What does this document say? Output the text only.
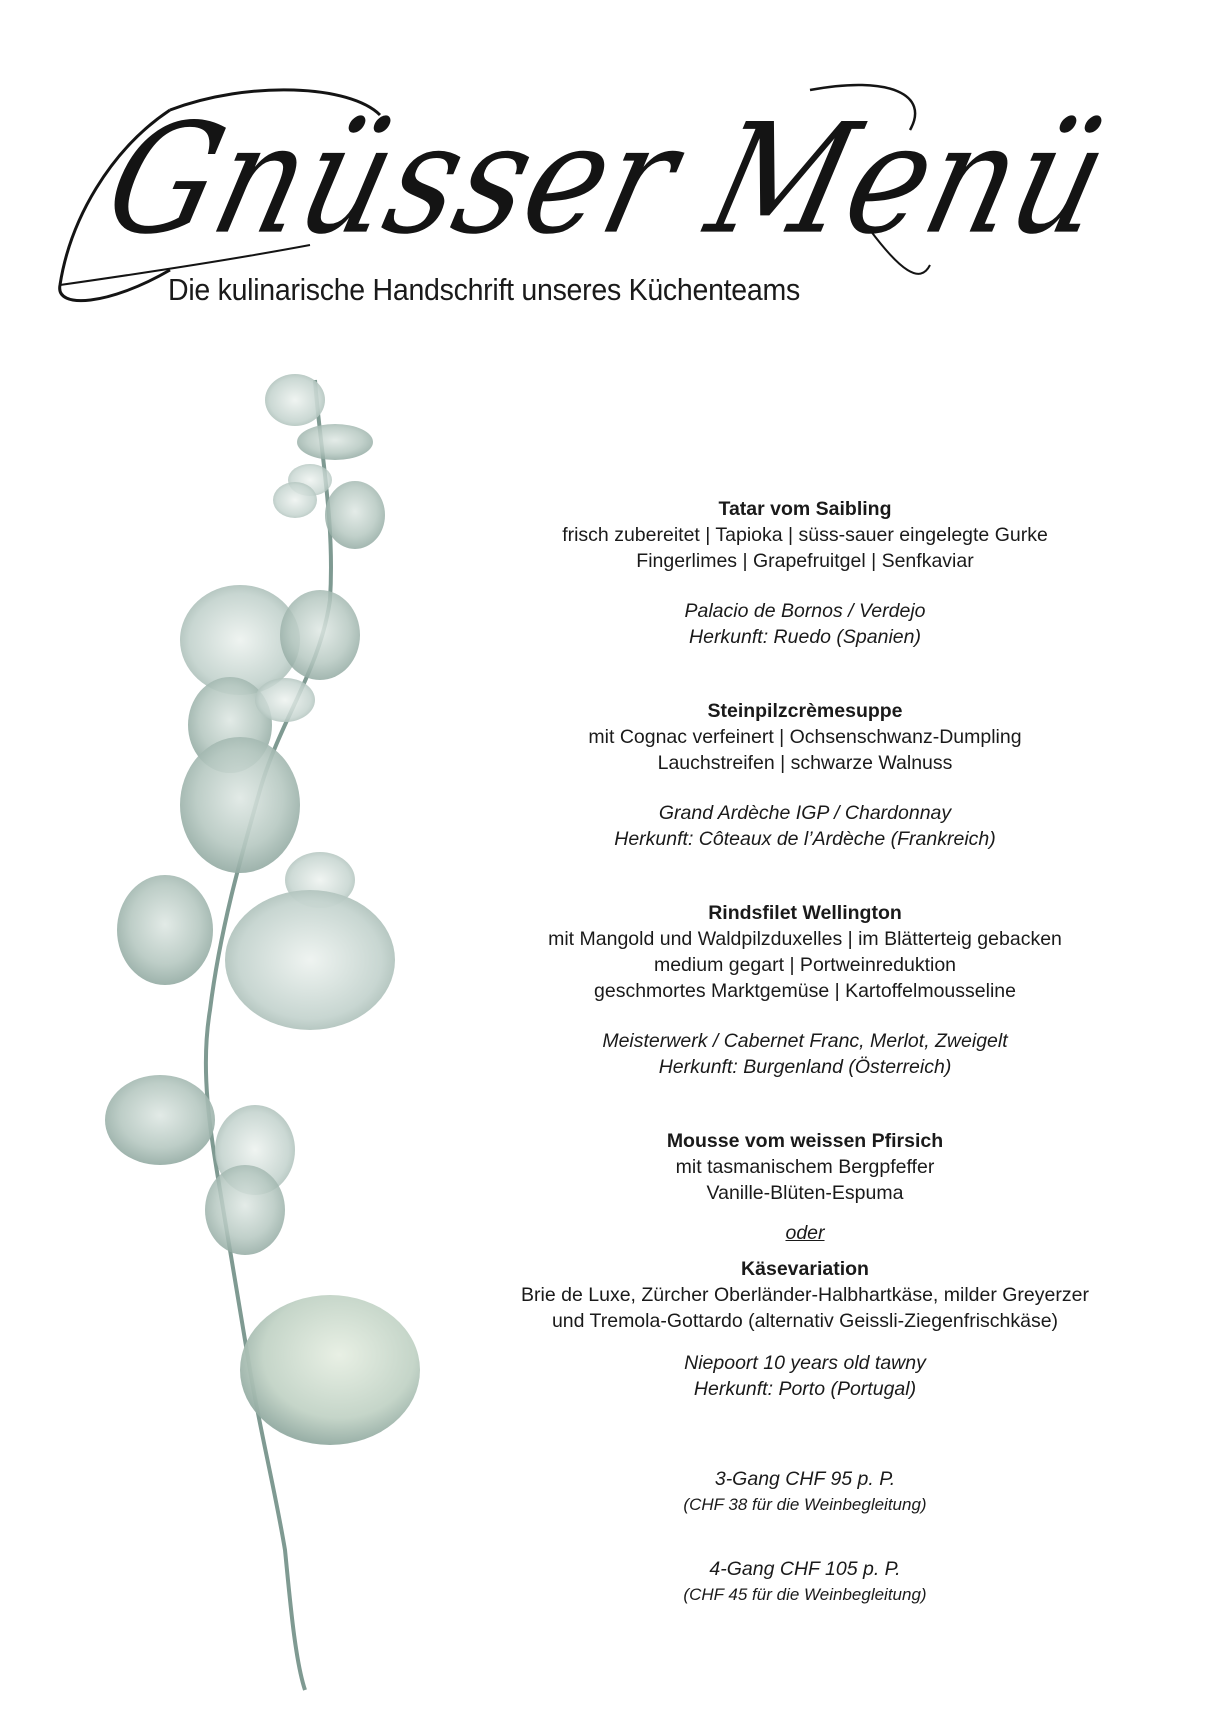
Gnüsser Menü
Die kulinarische Handschrift unseres Küchenteams
Tatar vom Saibling
frisch zubereitet | Tapioka | süss-sauer eingelegte Gurke
Fingerlimes | Grapefruitgel | Senfkaviar
Palacio de Bornos / Verdejo
Herkunft: Ruedo (Spanien)
Steinpilzcrèmesuppe
mit Cognac verfeinert | Ochsenschwanz-Dumpling
Lauchstreifen | schwarze Walnuss
Grand Ardèche IGP / Chardonnay
Herkunft: Côteaux de l’Ardèche (Frankreich)
Rindsfilet Wellington
mit Mangold und Waldpilzduxelles | im Blätterteig gebacken
medium gegart | Portweinreduktion
geschmortes Marktgemüse | Kartoffelmousseline
Meisterwerk / Cabernet Franc, Merlot, Zweigelt
Herkunft: Burgenland (Österreich)
Mousse vom weissen Pfirsich
mit tasmanischem Bergpfeffer
Vanille-Blüten-Espuma
oder
Käsevariation
Brie de Luxe, Zürcher Oberländer-Halbhartkäse, milder Greyerzer
und Tremola-Gottardo (alternativ Geissli-Ziegenfrischkäse)
Niepoort 10 years old tawny
Herkunft: Porto (Portugal)
3-Gang CHF 95 p. P.
(CHF 38 für die Weinbegleitung)
4-Gang CHF 105 p. P.
(CHF 45 für die Weinbegleitung)
